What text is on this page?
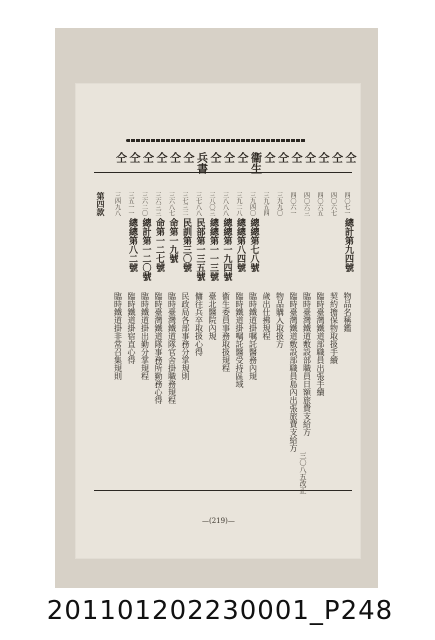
第四款
三〇八五改正
—(219)—
仝
四〇七一
總計第九四號
物品名稱鑑
仝
四〇六七
契約擔保物取扱手續
仝
四〇六五
臨時臺灣鐵道部職員出張手續
仝
四〇六三
臨時臺灣鐵道敷設部職員日額旅費支給方
仝
四〇六一
臨時臺灣鐵道敷設部職員島內出張旅費支給方
仝
三九九〇
物品購入取扱方
仝
三九五四
歲出仕拂規程
衞生
三九四〇
總總第七八號
臨時鐵道掛嘱託醫務內規
仝
三九二八
總總第八四號
臨時鐵道掛嘱託醫受持區域
仝
三八八八
總總第一九四號
衞生委員事務取扱規程
仝
三八〇三
總總第一一三號
臺北醫院內規
兵書
三七八八
民部第一三五號
傭往兵卒取扱心得
仝
三七三二
民訓第三〇號
民政局各部事務分掌規則
仝
三六八七
命第一九號
臨時臺灣鐵道隊官舍掛職務規程
仝
三六三三
命第一二七號
臨時臺灣鐵道隊事務所勤務心得
仝
三六二〇
總計第一二〇號
臨時鐵道掛出勤分掌規程
仝
三五一一
總總第八二號
臨時鐵道掛宿直心得
仝
三四九八
臨時鐵道掛非常召集規則
201101202230001_P248
